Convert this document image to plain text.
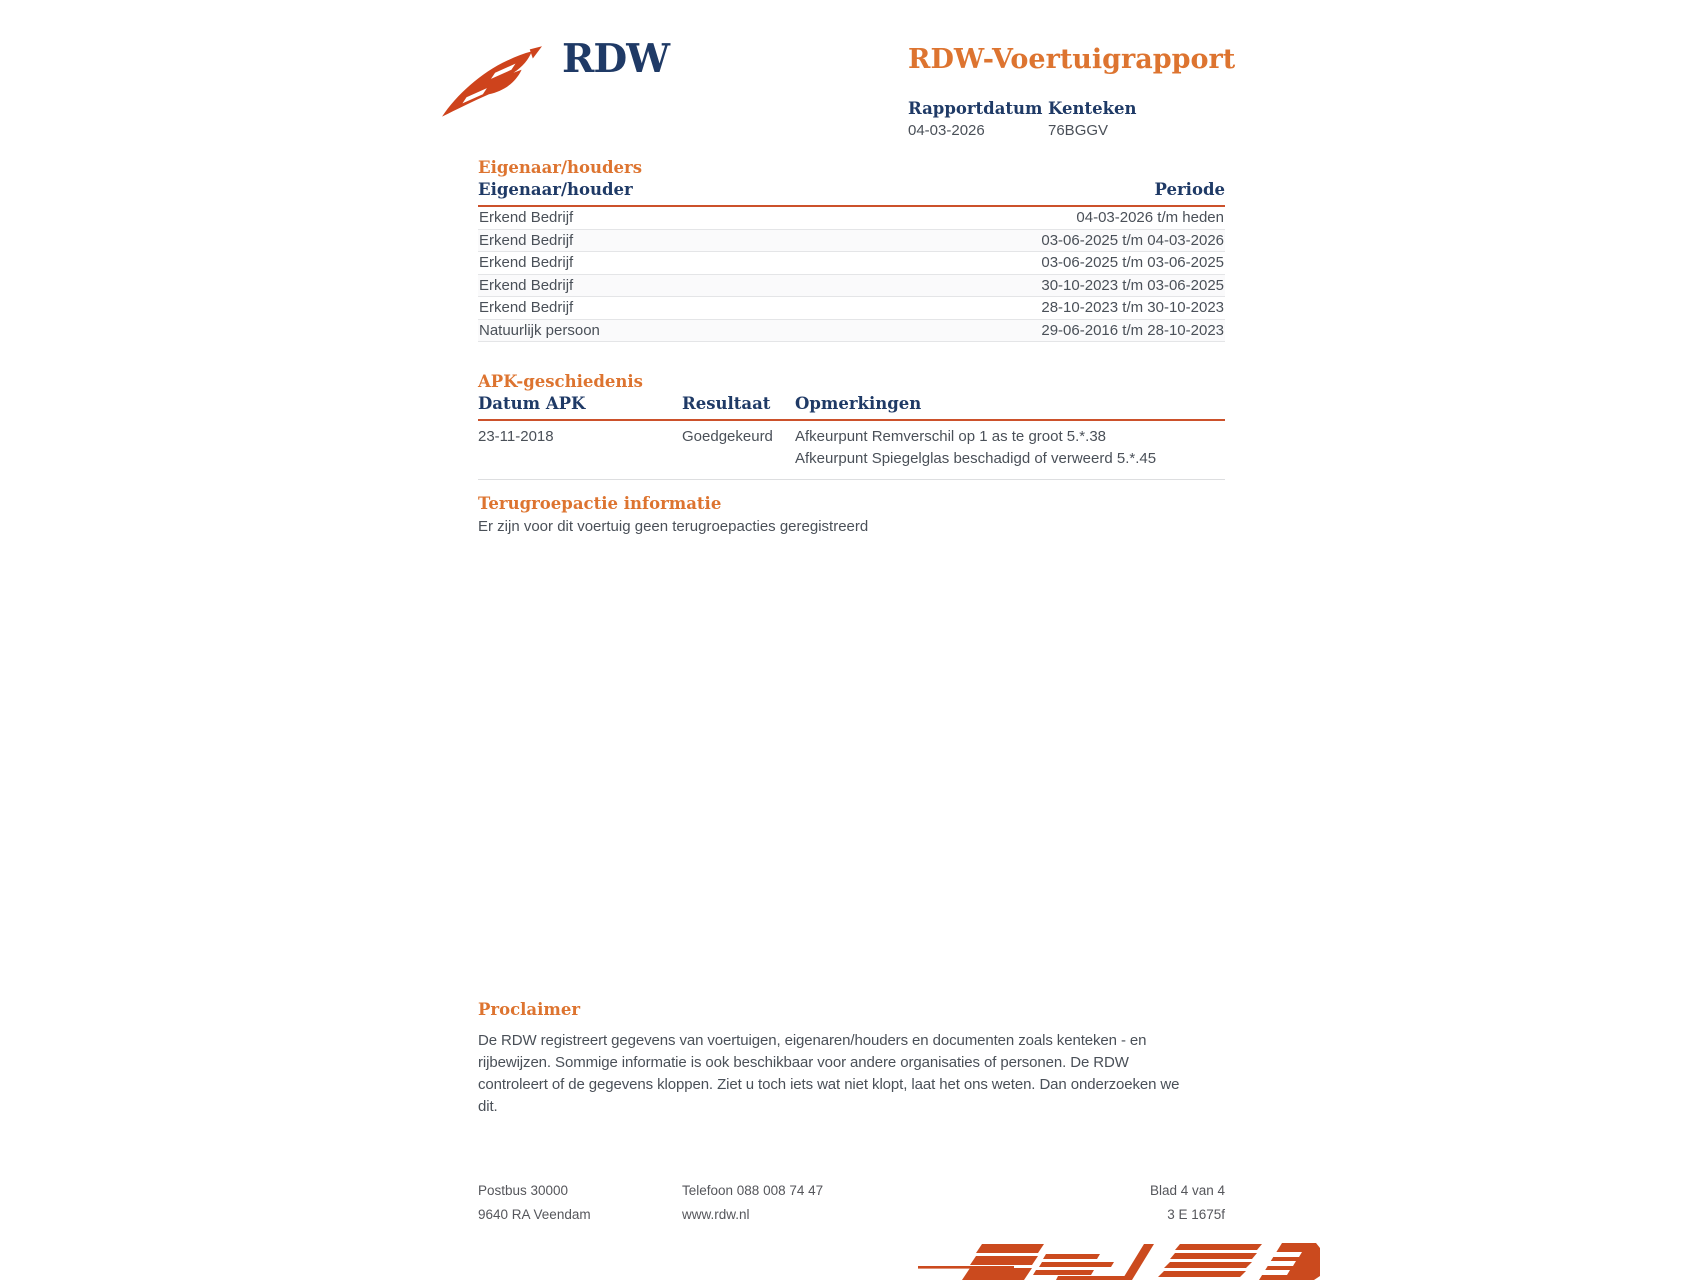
RDW	RDW-Voertuigrapport
Rapportdatum Kenteken
04-03-2026	76BGGV
Eigenaar/houders
Eigenaar/houder	Periode
Erkend Bedrijf	04-03-2026 t/m heden
Erkend Bedrijf	03-06-2025 t/m 04-03-2026
Erkend Bedrijf	03-06-2025 t/m 03-06-2025
Erkend Bedrijf	30-10-2023 t/m 03-06-2025
Erkend Bedrijf	28-10-2023 t/m 30-10-2023
Natuurlijk persoon	29-06-2016 t/m 28-10-2023
APK-geschiedenis
Datum APK	Resultaat	Opmerkingen
23-11-2018	Goedgekeurd	Afkeurpunt Remverschil op 1 as te groot 5.*.38
Afkeurpunt Spiegelglas beschadigd of verweerd 5.*.45
Terugroepactie informatie
Er zijn voor dit voertuig geen terugroepacties geregistreerd
Proclaimer
De RDW registreert gegevens van voertuigen, eigenaren/houders en documenten zoals kenteken - en rijbewijzen. Sommige informatie is ook beschikbaar voor andere organisaties of personen. De RDW controleert of de gegevens kloppen. Ziet u toch iets wat niet klopt, laat het ons weten. Dan onderzoeken we dit.
Postbus 30000	Telefoon 088 008 74 47	Blad 4 van 4
9640 RA Veendam	www.rdw.nl	3 E 1675f
